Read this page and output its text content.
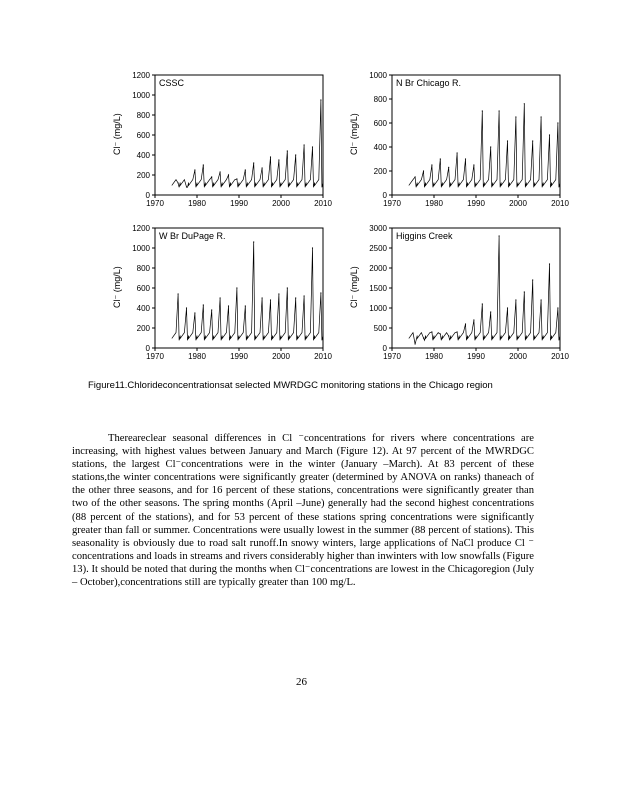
0
200
400
600
800
1000
1200
1970	1980	1990	2000	2010
CSSC
Cl⁻ (mg/L)
0
200
400
600
800
1000
1970	1980	1990	2000	2010
N Br Chicago R.
Cl⁻ (mg/L)
0
200
400
600
800
1000
1200
1970	1980	1990	2000	2010
W Br DuPage R.
Cl⁻ (mg/L)
0
500
1000
1500
2000
2500
3000
1970	1980	1990	2000	2010
Higgins Creek
Cl⁻ (mg/L)
Figure11.Chlorideconcentrationsat selected MWRDGC monitoring stations in the Chicago region

Thereareclear seasonal differences in Cl ⁻concentrations for rivers where concentrations are increasing, with highest values between January and March (Figure 12). At 97 percent of the MWRDGC stations, the largest Cl⁻concentrations were in the winter (January –March). At 83 percent of these stations,the winter concentrations were significantly greater (determined by ANOVA on ranks) thaneach of the other three seasons, and for 16 percent of these stations, concentrations were significantly greater than two of the other seasons. The spring months (April –June) generally had the second highest concentrations (88 percent of the stations), and for 53 percent of these stations spring concentrations were significantly greater than fall or summer. Concentrations were usually lowest in the summer (88 percent of stations). This seasonality is obviously due to road salt runoff.In snowy winters, large applications of NaCl produce Cl ⁻ concentrations and loads in streams and rivers considerably higher than inwinters with low snowfalls (Figure 13). It should be noted that during the months when Cl⁻concentrations are lowest in the Chicagoregion (July – October),concentrations still are typically greater than 100 mg/L.

26
